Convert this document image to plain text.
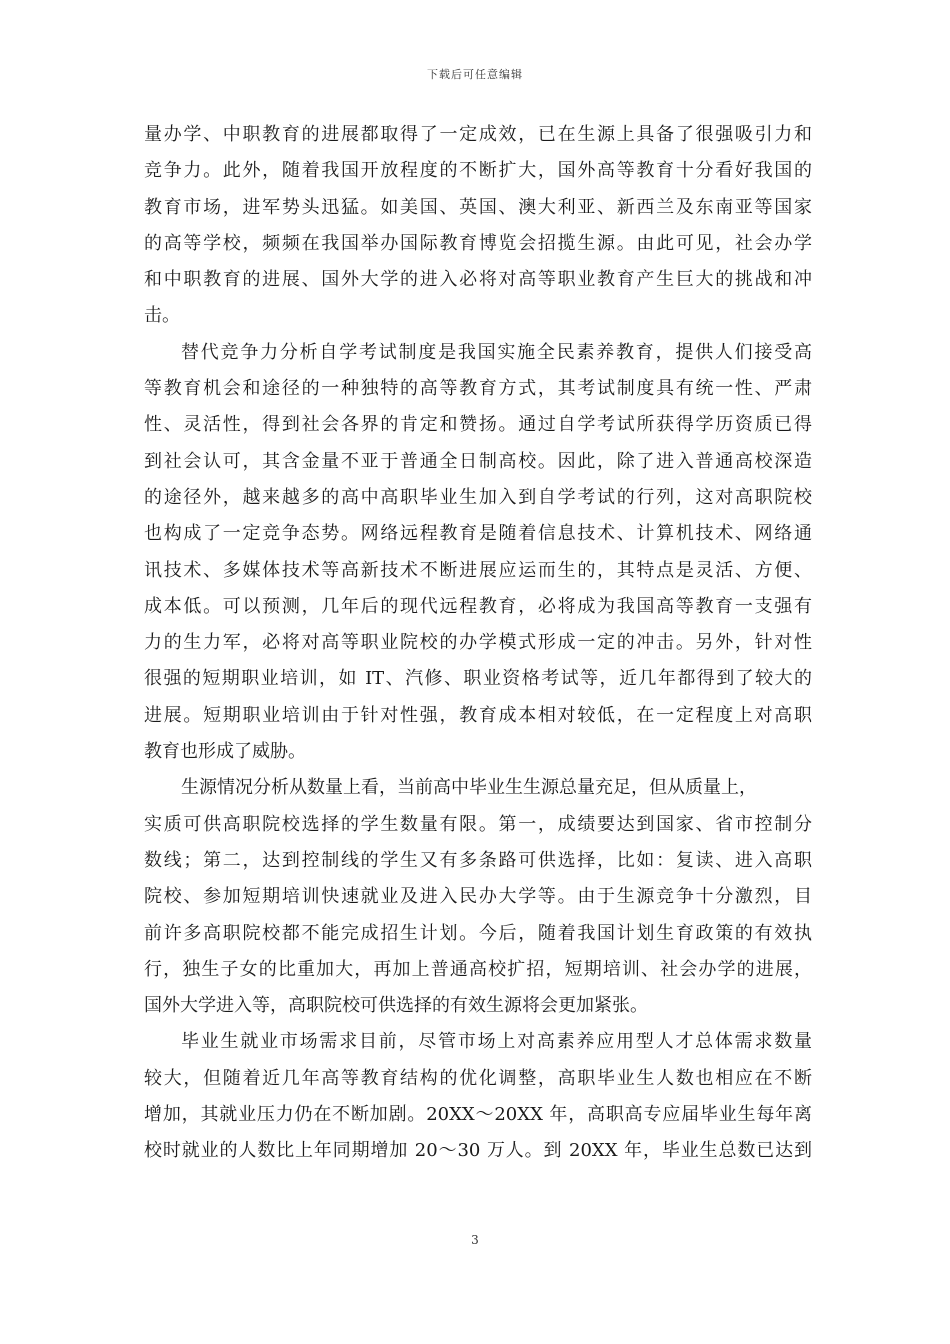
下载后可任意编辑
量办学、中职教育的进展都取得了一定成效，已在生源上具备了很强吸引力和
竞争力。此外，随着我国开放程度的不断扩大，国外高等教育十分看好我国的
教育市场，进军势头迅猛。如美国、英国、澳大利亚、新西兰及东南亚等国家
的高等学校，频频在我国举办国际教育博览会招揽生源。由此可见，社会办学
和中职教育的进展、国外大学的进入必将对高等职业教育产生巨大的挑战和冲
击。
替代竞争力分析自学考试制度是我国实施全民素养教育，提供人们接受高
等教育机会和途径的一种独特的高等教育方式，其考试制度具有统一性、严肃
性、灵活性，得到社会各界的肯定和赞扬。通过自学考试所获得学历资质已得
到社会认可，其含金量不亚于普通全日制高校。因此，除了进入普通高校深造
的途径外，越来越多的高中高职毕业生加入到自学考试的行列，这对高职院校
也构成了一定竞争态势。网络远程教育是随着信息技术、计算机技术、网络通
讯技术、多媒体技术等高新技术不断进展应运而生的，其特点是灵活、方便、
成本低。可以预测，几年后的现代远程教育，必将成为我国高等教育一支强有
力的生力军，必将对高等职业院校的办学模式形成一定的冲击。另外，针对性
很强的短期职业培训，如 IT、汽修、职业资格考试等，近几年都得到了较大的
进展。短期职业培训由于针对性强，教育成本相对较低，在一定程度上对高职
教育也形成了威胁。
生源情况分析从数量上看，当前高中毕业生生源总量充足，但从质量上，
实质可供高职院校选择的学生数量有限。第一，成绩要达到国家、省市控制分
数线；第二，达到控制线的学生又有多条路可供选择，比如：复读、进入高职
院校、参加短期培训快速就业及进入民办大学等。由于生源竞争十分激烈，目
前许多高职院校都不能完成招生计划。今后，随着我国计划生育政策的有效执
行，独生子女的比重加大，再加上普通高校扩招，短期培训、社会办学的进展，
国外大学进入等，高职院校可供选择的有效生源将会更加紧张。
毕业生就业市场需求目前，尽管市场上对高素养应用型人才总体需求数量
较大，但随着近几年高等教育结构的优化调整，高职毕业生人数也相应在不断
增加，其就业压力仍在不断加剧。20XX～20XX 年，高职高专应届毕业生每年离
校时就业的人数比上年同期增加 20～30 万人。到 20XX 年，毕业生总数已达到
3
